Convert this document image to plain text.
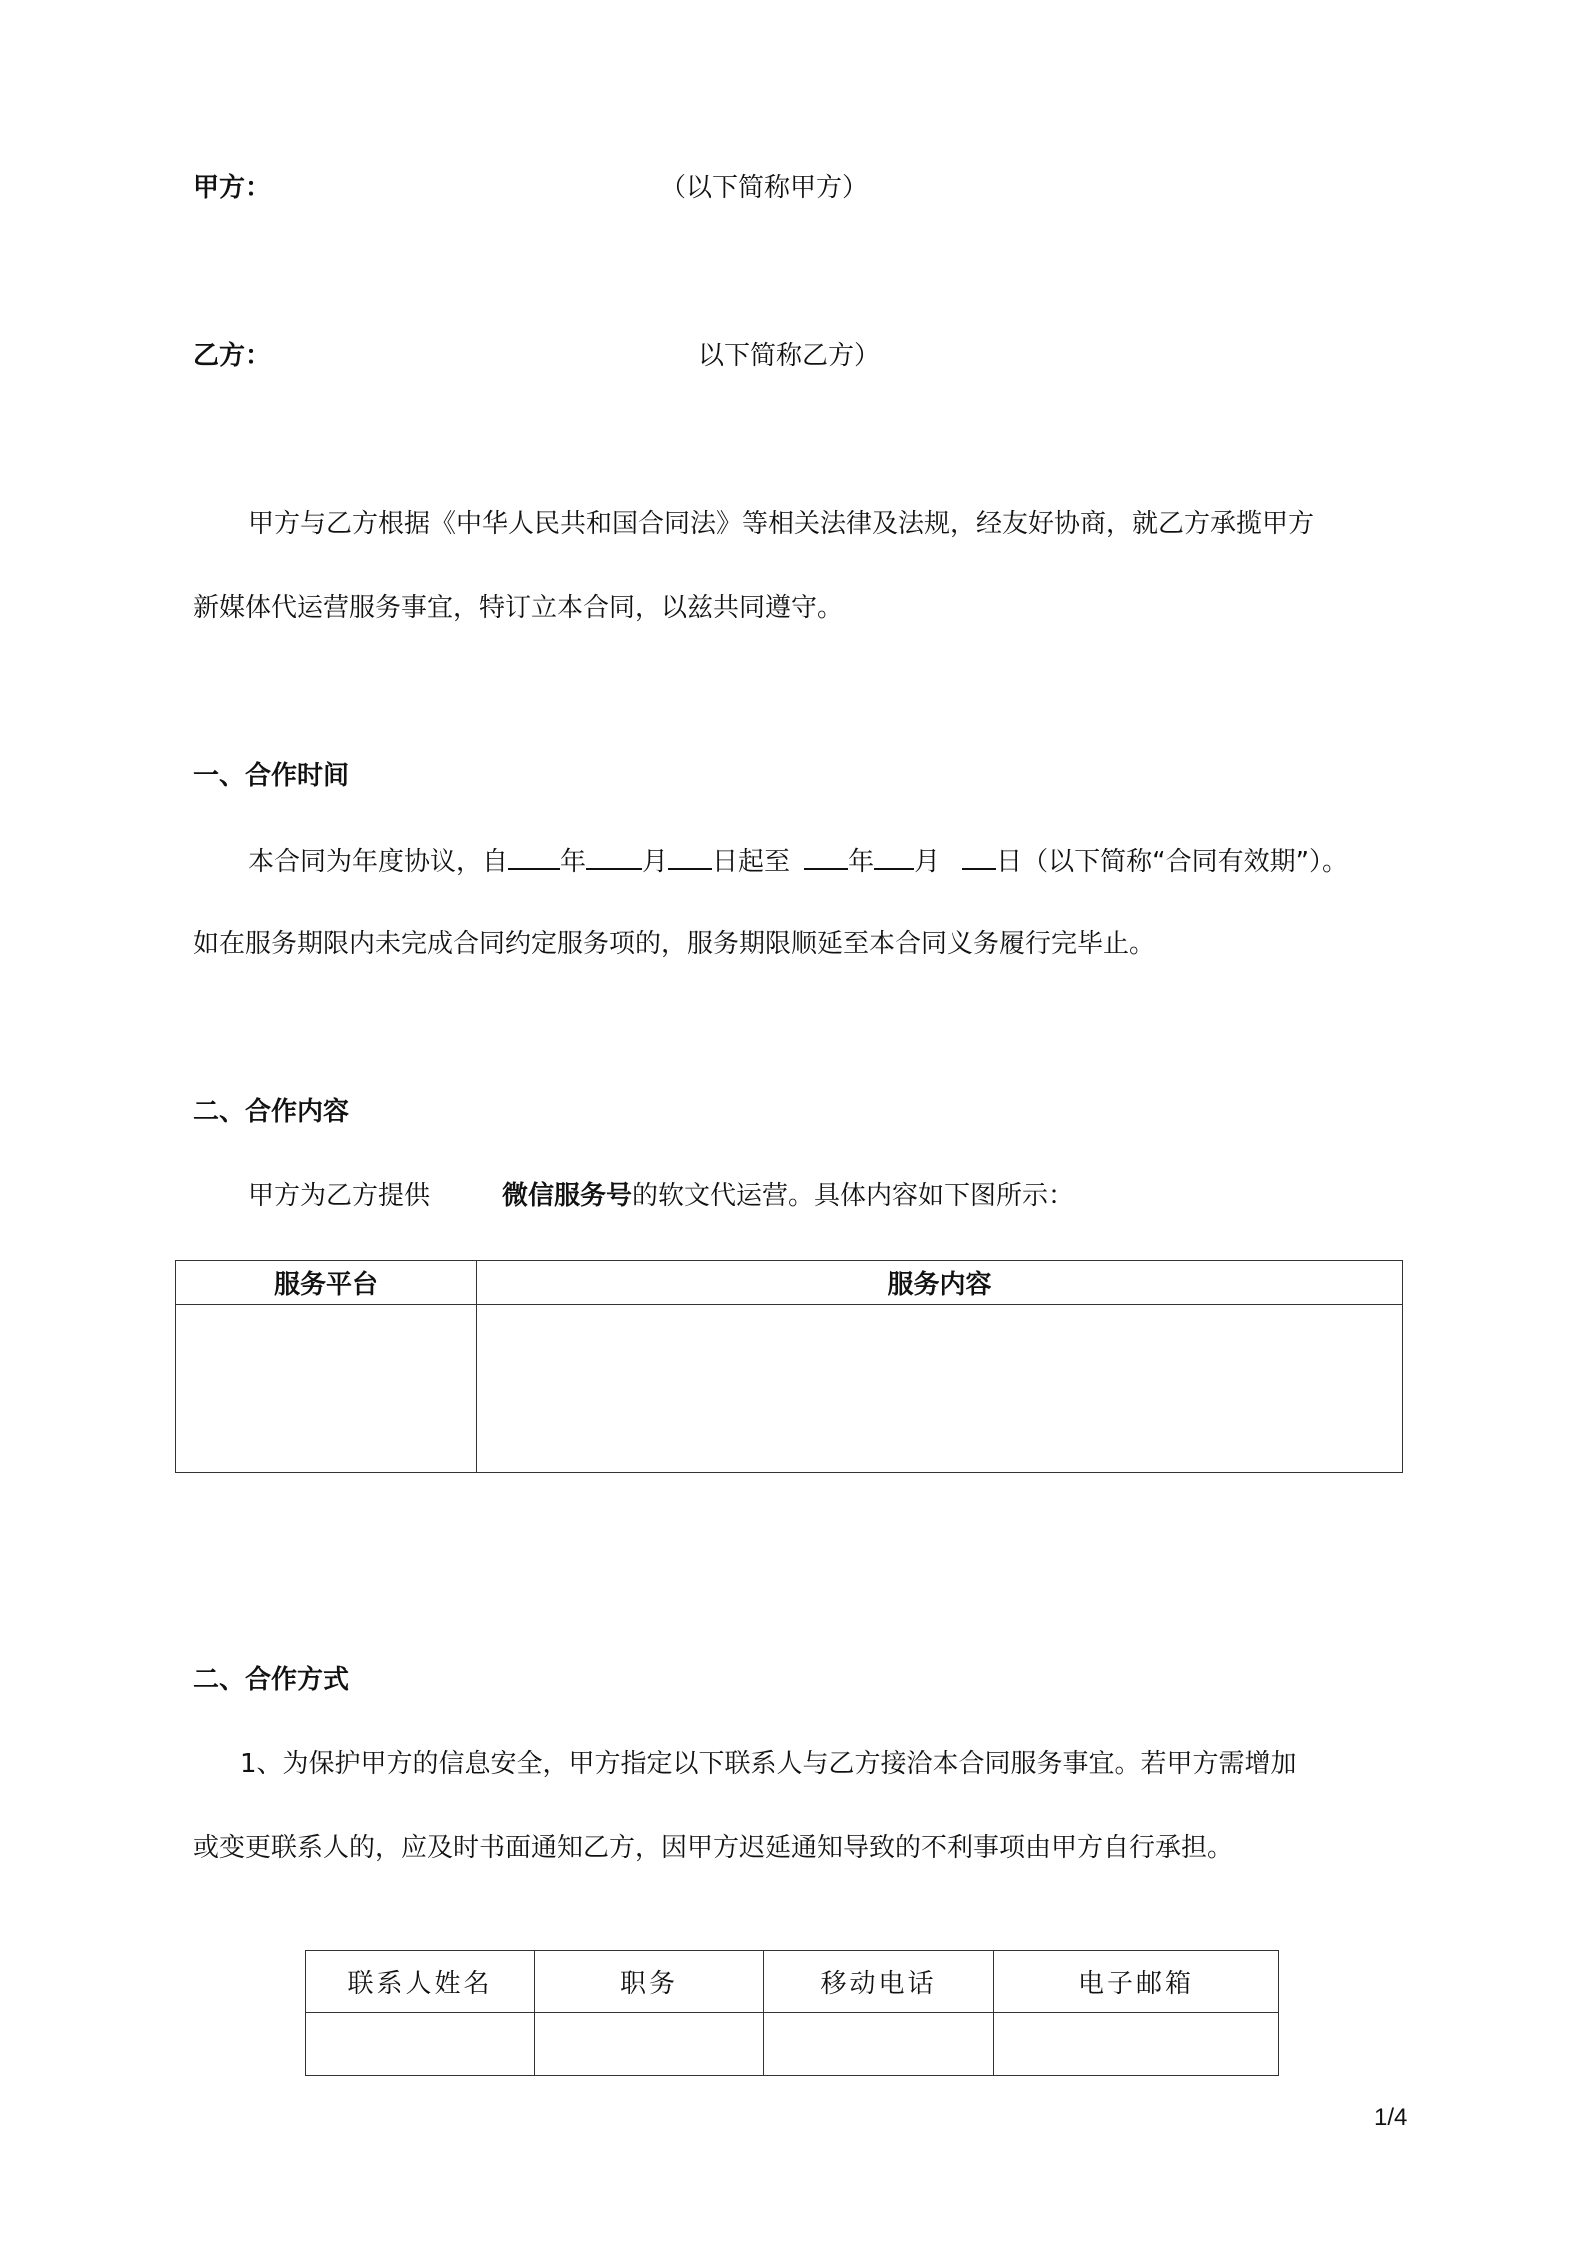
甲方：	（以下简称甲方）
乙方：	以下简称乙方）
甲方与乙方根据《中华人民共和国合同法》等相关法律及法规，经友好协商，就乙方承揽甲方
新媒体代运营服务事宜，特订立本合同，以兹共同遵守。
一、合作时间
本合同为年度协议，自 年 月 日起至 年 月 日（以下简称“合同有效期”）。
如在服务期限内未完成合同约定服务项的，服务期限顺延至本合同义务履行完毕止。
二、合作内容
甲方为乙方提供	微信服务号的软文代运营。具体内容如下图所示：
服务平台	服务内容

二、合作方式
1、为保护甲方的信息安全，甲方指定以下联系人与乙方接洽本合同服务事宜。若甲方需增加
或变更联系人的，应及时书面通知乙方，因甲方迟延通知导致的不利事项由甲方自行承担。
联系人姓名	职务	移动电话	电子邮箱

1/4
